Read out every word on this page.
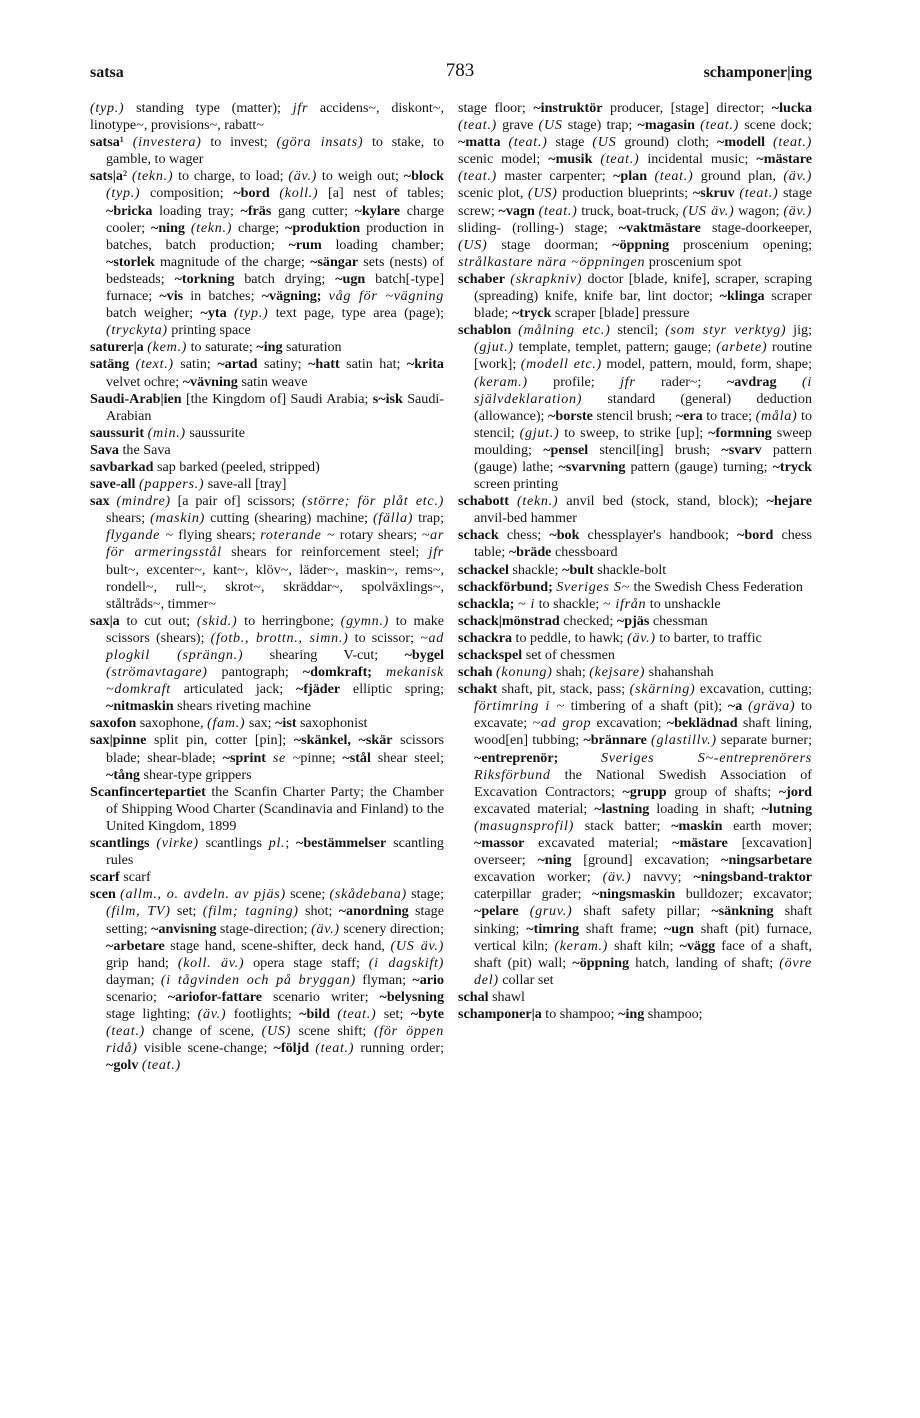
satsa	783	schamponer|ing

(typ.) standing type (matter); jfr accidens~, diskont~, linotype~, provisions~, rabatt~

satsa¹ (investera) to invest; (göra insats) to stake, to gamble, to wager

sats|a² (tekn.) to charge, to load; (äv.) to weigh out; ~block (typ.) composition; ~bord (koll.) [a] nest of tables; ~bricka loading tray; ~fräs gang cutter; ~kylare charge cooler; ~ning (tekn.) charge; ~produktion production in batches, batch production; ~rum loading chamber; ~storlek magnitude of the charge; ~sängar sets (nests) of bedsteads; ~torkning batch drying; ~ugn batch[-type] furnace; ~vis in batches; ~vägning; våg för ~vägning batch weigher; ~yta (typ.) text page, type area (page); (tryckyta) printing space

saturer|a (kem.) to saturate; ~ing saturation

satäng (text.) satin; ~artad satiny; ~hatt satin hat; ~krita velvet ochre; ~vävning satin weave

Saudi-Arab|ien [the Kingdom of] Saudi Arabia; s~isk Saudi-Arabian

saussurit (min.) saussurite

Sava the Sava

savbarkad sap barked (peeled, stripped)

save-all (pappers.) save-all [tray]

sax (mindre) [a pair of] scissors; (större; för plåt etc.) shears; (maskin) cutting (shearing) machine; (fälla) trap; flygande ~ flying shears; roterande ~ rotary shears; ~ar för armeringsstål shears for reinforcement steel; jfr bult~, excenter~, kant~, klöv~, läder~, maskin~, rems~, rondell~, rull~, skrot~, skräddar~, spolväxlings~, ståltråds~, timmer~

sax|a to cut out; (skid.) to herringbone; (gymn.) to make scissors (shears); (fotb., brottn., simn.) to scissor; ~ad plogkil (sprängn.) shearing V-cut; ~bygel (strömavtagare) pantograph; ~domkraft; mekanisk ~domkraft articulated jack; ~fjäder elliptic spring; ~nitmaskin shears riveting machine

saxofon saxophone, (fam.) sax; ~ist saxophonist

sax|pinne split pin, cotter [pin]; ~skänkel, ~skär scissors blade; shear-blade; ~sprint se ~pinne; ~stål shear steel; ~tång shear-type grippers

Scanfincertepartiet the Scanfin Charter Party; the Chamber of Shipping Wood Charter (Scandinavia and Finland) to the United Kingdom, 1899

scantlings (virke) scantlings pl.; ~bestämmelser scantling rules

scarf scarf

scen (allm., o. avdeln. av pjäs) scene; (skådebana) stage; (film, TV) set; (film; tagning) shot; ~anordning stage setting; ~anvisning stage-direction; (äv.) scenery direction; ~arbetare stage hand, scene-shifter, deck hand, (US äv.) grip hand; (koll. äv.) opera stage staff; (i dagskift) dayman; (i tågvinden och på bryggan) flyman; ~ario scenario; ~ariofor-fattare scenario writer; ~belysning stage lighting; (äv.) footlights; ~bild (teat.) set; ~byte (teat.) change of scene, (US) scene shift; (för öppen ridå) visible scene-change; ~följd (teat.) running order; ~golv (teat.)

stage floor; ~instruktör producer, [stage] director; ~lucka (teat.) grave (US stage) trap; ~magasin (teat.) scene dock; ~matta (teat.) stage (US ground) cloth; ~modell (teat.) scenic model; ~musik (teat.) incidental music; ~mästare (teat.) master carpenter; ~plan (teat.) ground plan, (äv.) scenic plot, (US) production blueprints; ~skruv (teat.) stage screw; ~vagn (teat.) truck, boat-truck, (US äv.) wagon; (äv.) sliding- (rolling-) stage; ~vaktmästare stage-doorkeeper, (US) stage doorman; ~öppning proscenium opening; strålkastare nära ~öppningen proscenium spot

schaber (skrapkniv) doctor [blade, knife], scraper, scraping (spreading) knife, knife bar, lint doctor; ~klinga scraper blade; ~tryck scraper [blade] pressure

schablon (målning etc.) stencil; (som styr verktyg) jig; (gjut.) template, templet, pattern; gauge; (arbete) routine [work]; (modell etc.) model, pattern, mould, form, shape; (keram.) profile; jfr rader~; ~avdrag (i självdeklaration) standard (general) deduction (allowance); ~borste stencil brush; ~era to trace; (måla) to stencil; (gjut.) to sweep, to strike [up]; ~formning sweep moulding; ~pensel stencil[ing] brush; ~svarv pattern (gauge) lathe; ~svarvning pattern (gauge) turning; ~tryck screen printing

schabott (tekn.) anvil bed (stock, stand, block); ~hejare anvil-bed hammer

schack chess; ~bok chessplayer's handbook; ~bord chess table; ~bräde chessboard

schackel shackle; ~bult shackle-bolt

schackförbund; Sveriges S~ the Swedish Chess Federation

schackla; ~ i to shackle; ~ ifrån to unshackle

schack|mönstrad checked; ~pjäs chessman

schackra to peddle, to hawk; (äv.) to barter, to traffic

schackspel set of chessmen

schah (konung) shah; (kejsare) shahanshah

schakt shaft, pit, stack, pass; (skärning) excavation, cutting; förtimring i ~ timbering of a shaft (pit); ~a (gräva) to excavate; ~ad grop excavation; ~beklädnad shaft lining, wood[en] tubbing; ~brännare (glastillv.) separate burner; ~entreprenör;	Sveriges S~-entreprenörers Riksförbund the National Swedish Association of Excavation Contractors; ~grupp group of shafts; ~jord excavated material; ~lastning loading in shaft; ~lutning (masugnsprofil) stack batter; ~maskin earth mover; ~massor excavated material; ~mästare [excavation] overseer; ~ning [ground] excavation; ~ningsarbetare excavation worker; (äv.) navvy; ~ningsband-traktor caterpillar grader; ~ningsmaskin bulldozer; excavator; ~pelare (gruv.) shaft safety pillar; ~sänkning shaft sinking; ~timring shaft frame; ~ugn shaft (pit) furnace, vertical kiln; (keram.) shaft kiln; ~vägg face of a shaft, shaft (pit) wall; ~öppning hatch, landing of shaft; (övre del) collar set

schal shawl

schamponer|a to shampoo; ~ing shampoo;
